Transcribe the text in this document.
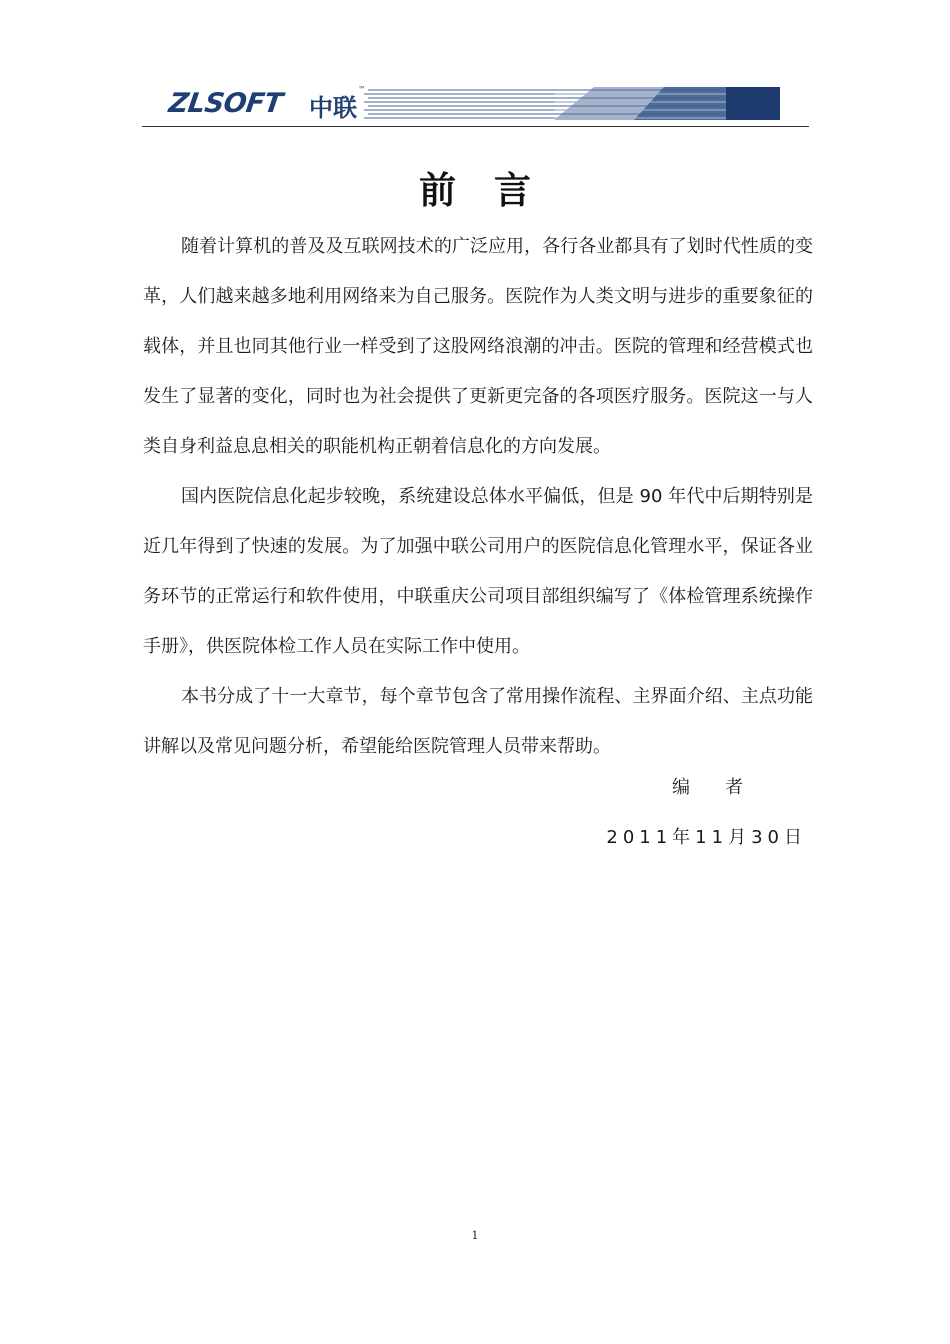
ZLSOFT 中联
™
前言

随着计算机的普及及互联网技术的广泛应用，各行各业都具有了划时代性质的变革，人们越来越多地利用网络来为自己服务。医院作为人类文明与进步的重要象征的载体，并且也同其他行业一样受到了这股网络浪潮的冲击。医院的管理和经营模式也发生了显著的变化，同时也为社会提供了更新更完备的各项医疗服务。医院这一与人类自身利益息息相关的职能机构正朝着信息化的方向发展。

国内医院信息化起步较晚，系统建设总体水平偏低，但是 90 年代中后期特别是近几年得到了快速的发展。为了加强中联公司用户的医院信息化管理水平，保证各业务环节的正常运行和软件使用，中联重庆公司项目部组织编写了《体检管理系统操作手册》，供医院体检工作人员在实际工作中使用。

本书分成了十一大章节，每个章节包含了常用操作流程、主界面介绍、主点功能讲解以及常见问题分析，希望能给医院管理人员带来帮助。

编者
2011年11月30日
1
